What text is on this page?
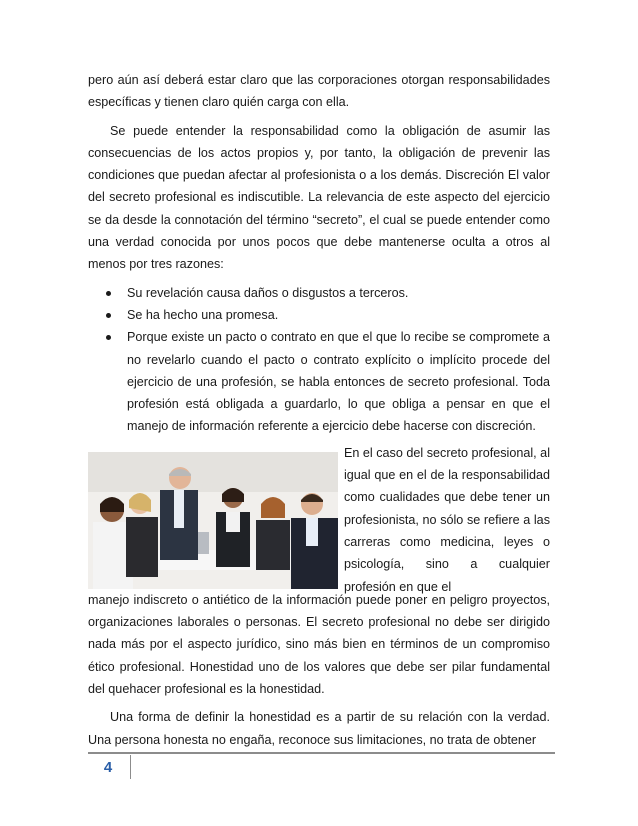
pero aún así deberá estar claro que las corporaciones otorgan responsabilidades específicas y tienen claro quién carga con ella.

Se puede entender la responsabilidad como la obligación de asumir las consecuencias de los actos propios y, por tanto, la obligación de prevenir las condiciones que puedan afectar al profesionista o a los demás. Discreción El valor del secreto profesional es indiscutible. La relevancia de este aspecto del ejercicio se da desde la connotación del término “secreto”, el cual se puede entender como una verdad conocida por unos pocos que debe mantenerse oculta a otros al menos por tres razones:

Su revelación causa daños o disgustos a terceros.
Se ha hecho una promesa.
Porque existe un pacto o contrato en que el que lo recibe se compromete a no revelarlo cuando el pacto o contrato explícito o implícito procede del ejercicio de una profesión, se habla entonces de secreto profesional. Toda profesión está obligada a guardarlo, lo que obliga a pensar en que el manejo de información referente a ejercicio debe hacerse con discreción.
En el caso del secreto profesional, al igual que en el de la responsabilidad como cualidades que debe tener un profesionista, no sólo se refiere a las carreras como medicina, leyes o psicología, sino a cualquier profesión en que el

manejo indiscreto o antiético de la información puede poner en peligro proyectos, organizaciones laborales o personas. El secreto profesional no debe ser dirigido nada más por el aspecto jurídico, sino más bien en términos de un compromiso ético profesional. Honestidad uno de los valores que debe ser pilar fundamental del quehacer profesional es la honestidad.

Una forma de definir la honestidad es a partir de su relación con la verdad. Una persona honesta no engaña, reconoce sus limitaciones, no trata de obtener

4
